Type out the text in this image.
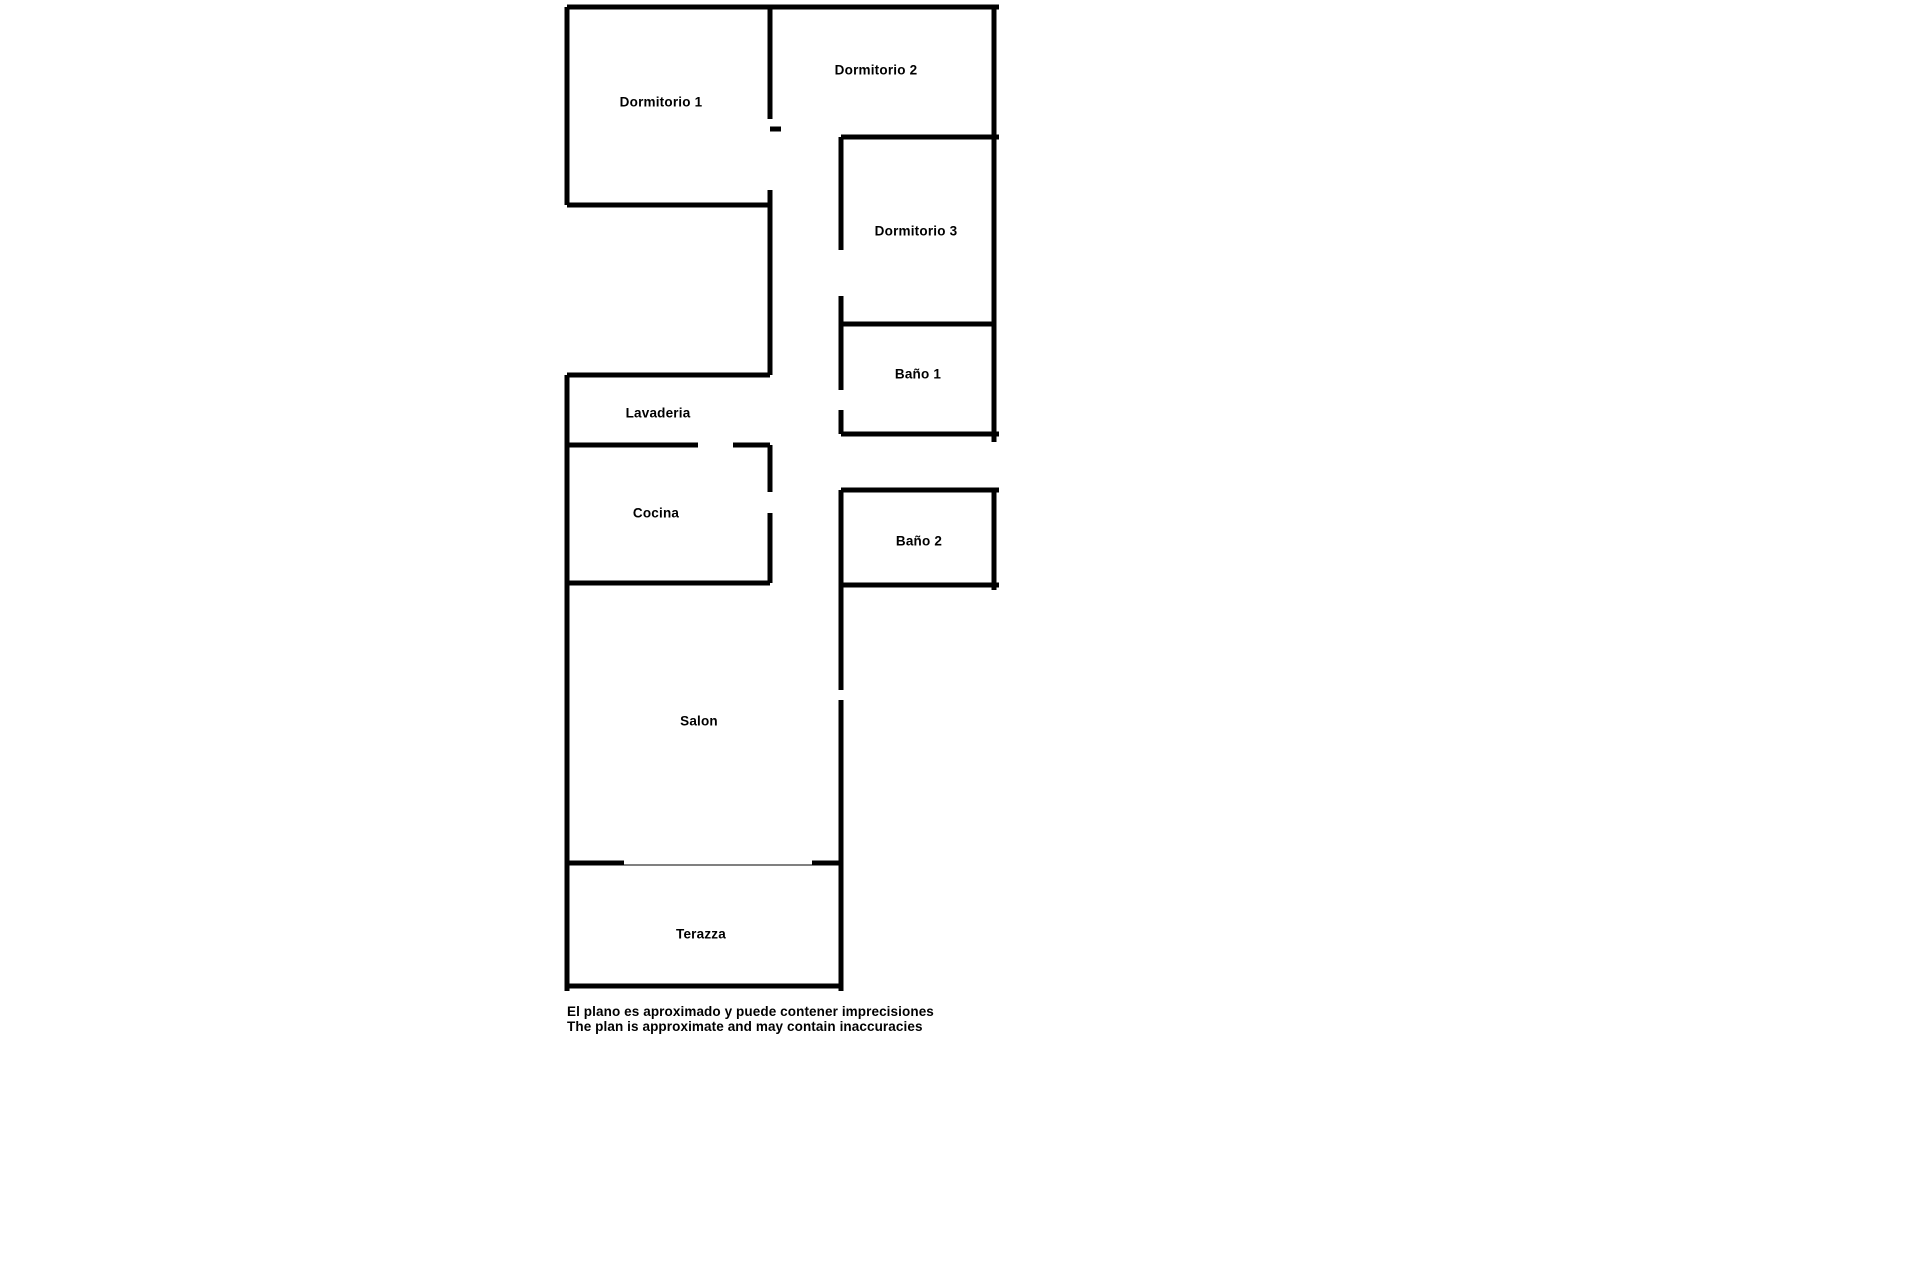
Dormitorio 1
Dormitorio 2
Dormitorio 3
Baño 1
Baño 2
Lavaderia
Cocina
Salon
Terazza
El plano es aproximado y puede contener imprecisiones
The plan is approximate and may contain inaccuracies
